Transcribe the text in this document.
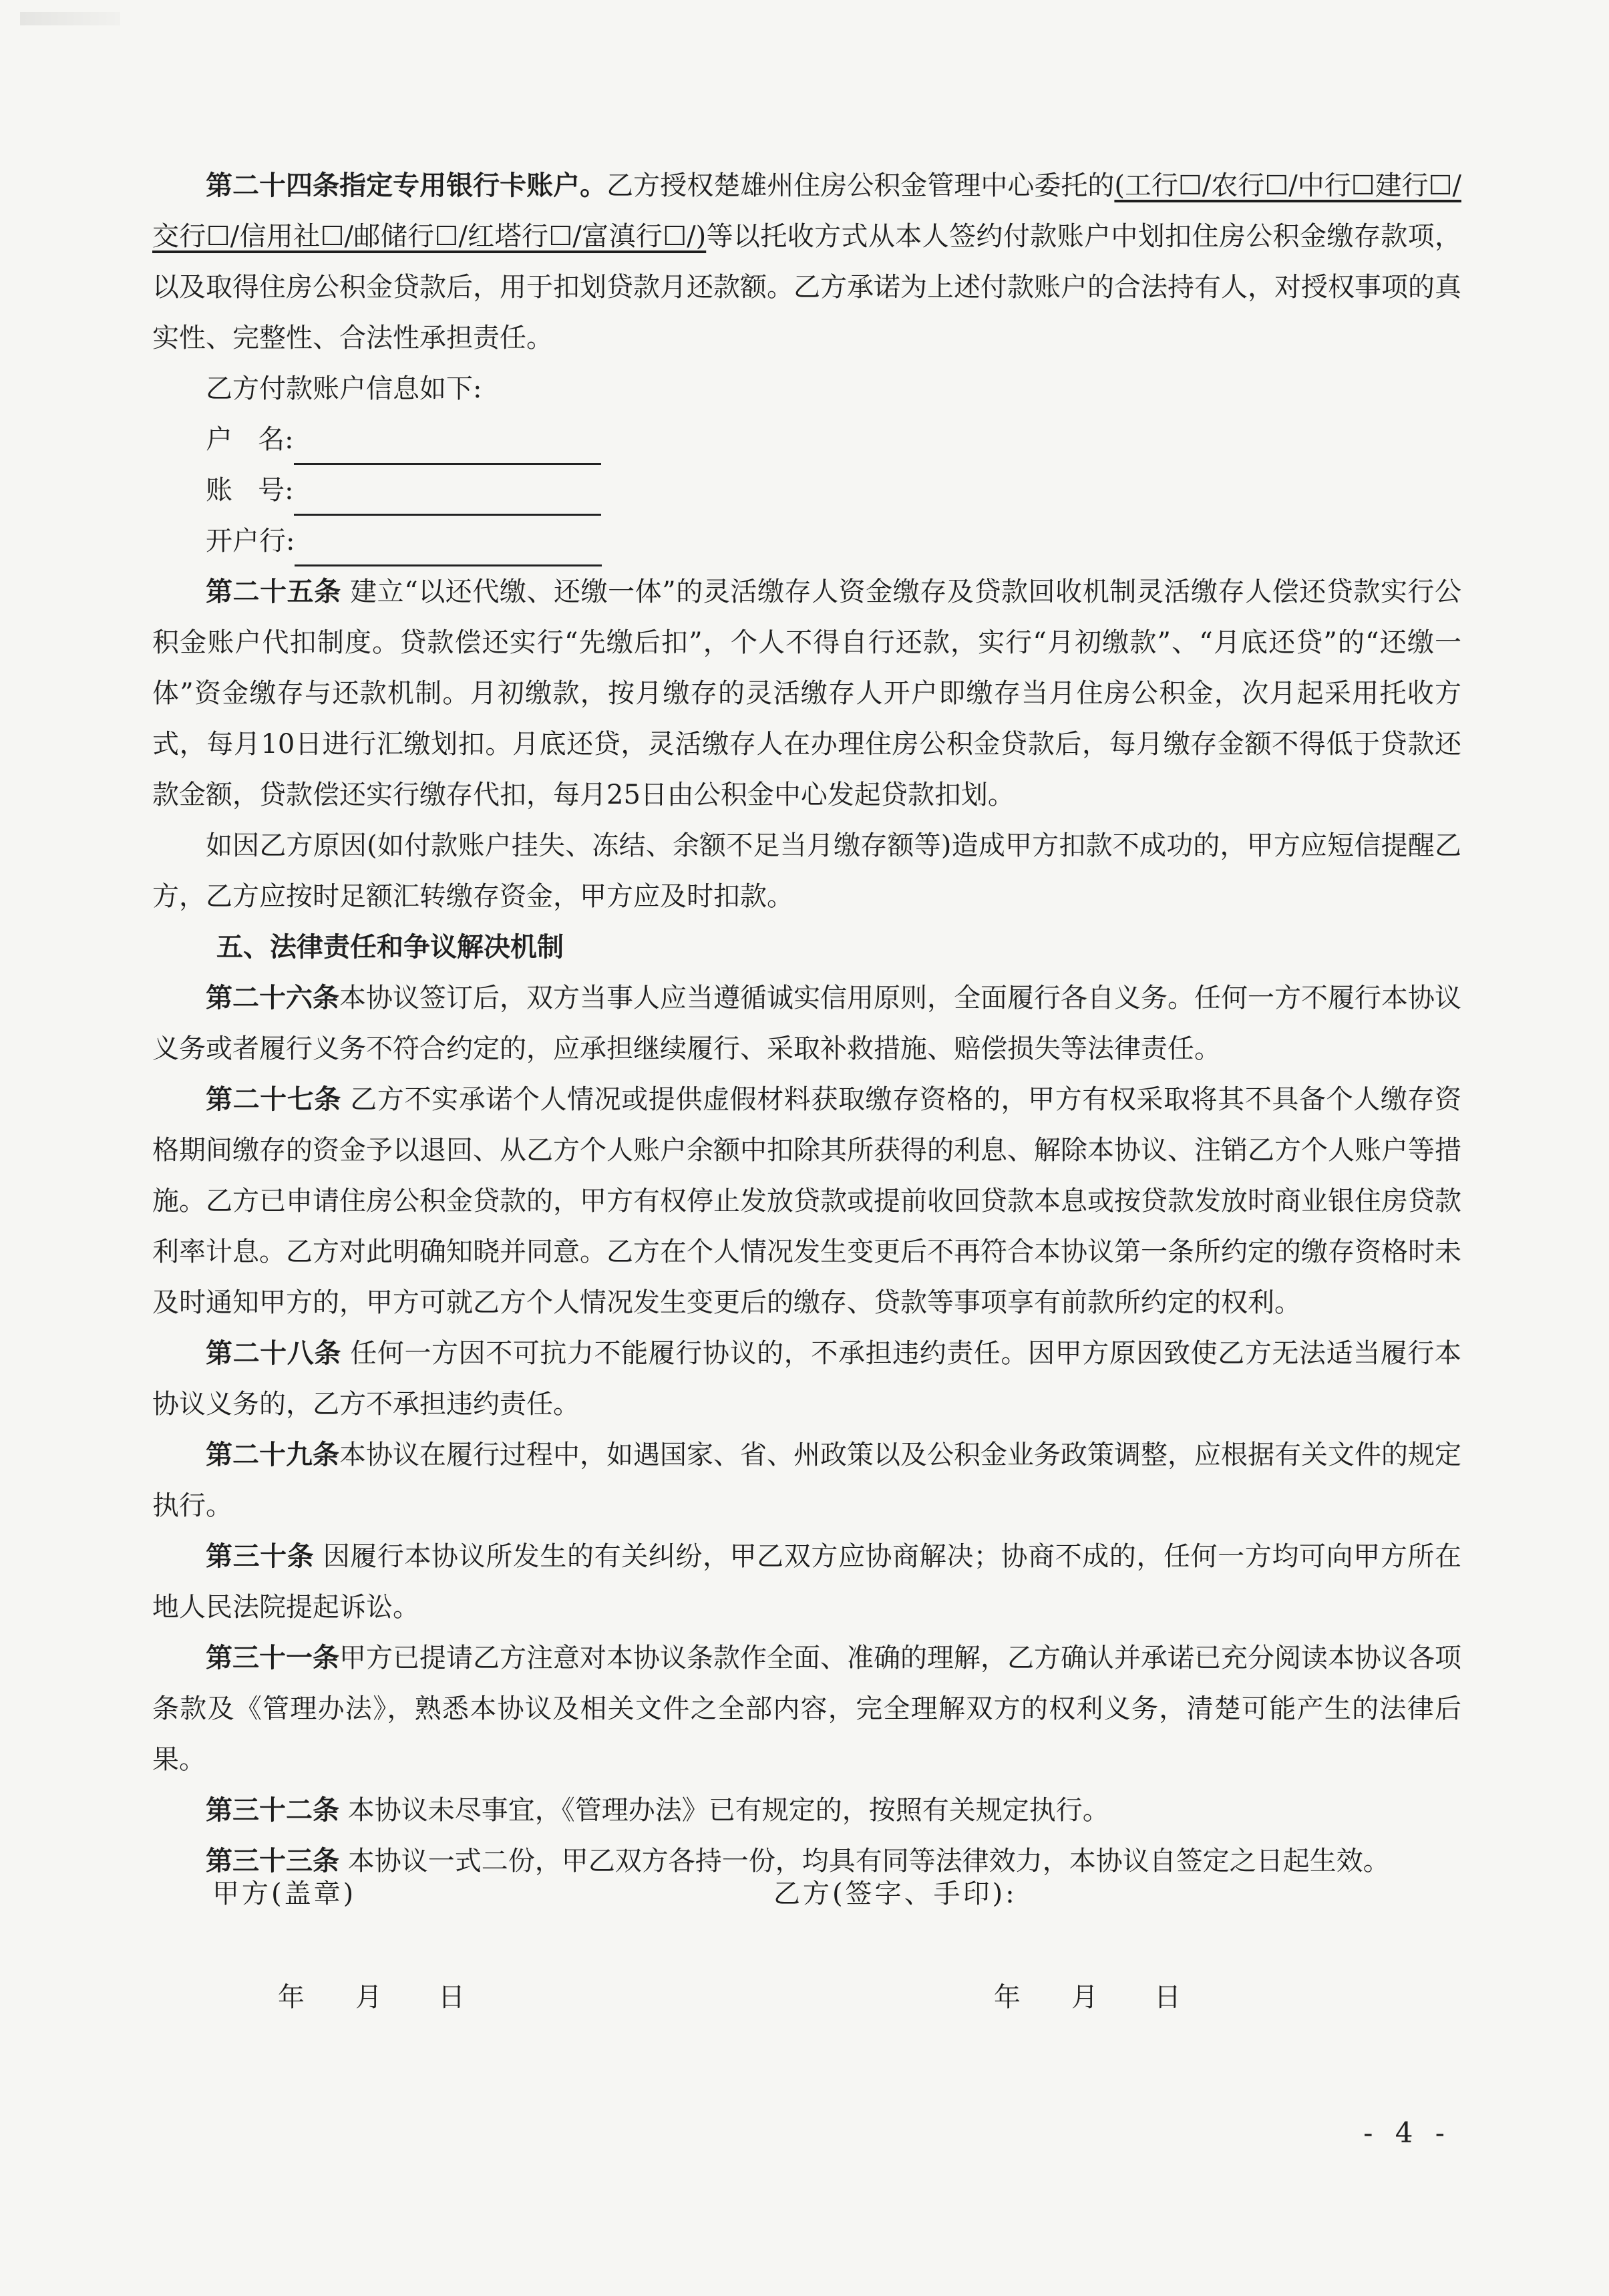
第二十四条指定专用银行卡账户。乙方授权楚雄州住房公积金管理中心委托的(工行☐/农行☐/中行☐建行☐/交行☐/信用社☐/邮储行☐/红塔行☐/富滇行☐/)等以托收方式从本人签约付款账户中划扣住房公积金缴存款项，以及取得住房公积金贷款后，用于扣划贷款月还款额。乙方承诺为上述付款账户的合法持有人，对授权事项的真实性、完整性、合法性承担责任。

乙方付款账户信息如下:

户   名:
账   号:
开户行:

第二十五条 建立“以还代缴、还缴一体”的灵活缴存人资金缴存及贷款回收机制灵活缴存人偿还贷款实行公积金账户代扣制度。贷款偿还实行“先缴后扣”，个人不得自行还款，实行“月初缴款”、“月底还贷”的“还缴一体”资金缴存与还款机制。月初缴款，按月缴存的灵活缴存人开户即缴存当月住房公积金，次月起采用托收方式，每月10日进行汇缴划扣。月底还贷，灵活缴存人在办理住房公积金贷款后，每月缴存金额不得低于贷款还款金额，贷款偿还实行缴存代扣，每月25日由公积金中心发起贷款扣划。

如因乙方原因(如付款账户挂失、冻结、余额不足当月缴存额等)造成甲方扣款不成功的，甲方应短信提醒乙方，乙方应按时足额汇转缴存资金，甲方应及时扣款。

五、法律责任和争议解决机制

第二十六条本协议签订后，双方当事人应当遵循诚实信用原则，全面履行各自义务。任何一方不履行本协议义务或者履行义务不符合约定的，应承担继续履行、采取补救措施、赔偿损失等法律责任。

第二十七条 乙方不实承诺个人情况或提供虚假材料获取缴存资格的，甲方有权采取将其不具备个人缴存资格期间缴存的资金予以退回、从乙方个人账户余额中扣除其所获得的利息、解除本协议、注销乙方个人账户等措施。乙方已申请住房公积金贷款的，甲方有权停止发放贷款或提前收回贷款本息或按贷款发放时商业银住房贷款利率计息。乙方对此明确知晓并同意。乙方在个人情况发生变更后不再符合本协议第一条所约定的缴存资格时未及时通知甲方的，甲方可就乙方个人情况发生变更后的缴存、贷款等事项享有前款所约定的权利。

第二十八条 任何一方因不可抗力不能履行协议的，不承担违约责任。因甲方原因致使乙方无法适当履行本协议义务的，乙方不承担违约责任。

第二十九条本协议在履行过程中，如遇国家、省、州政策以及公积金业务政策调整，应根据有关文件的规定执行。

第三十条 因履行本协议所发生的有关纠纷，甲乙双方应协商解决；协商不成的，任何一方均可向甲方所在地人民法院提起诉讼。

第三十一条甲方已提请乙方注意对本协议条款作全面、准确的理解，乙方确认并承诺已充分阅读本协议各项条款及《管理办法》，熟悉本协议及相关文件之全部内容，完全理解双方的权利义务，清楚可能产生的法律后果。

第三十二条 本协议未尽事宜，《管理办法》已有规定的，按照有关规定执行。

第三十三条 本协议一式二份，甲乙双方各持一份，均具有同等法律效力，本协议自签定之日起生效。

甲方(盖章)	乙方(签字、手印):
年	月	日	年	月	日
- 4 -
